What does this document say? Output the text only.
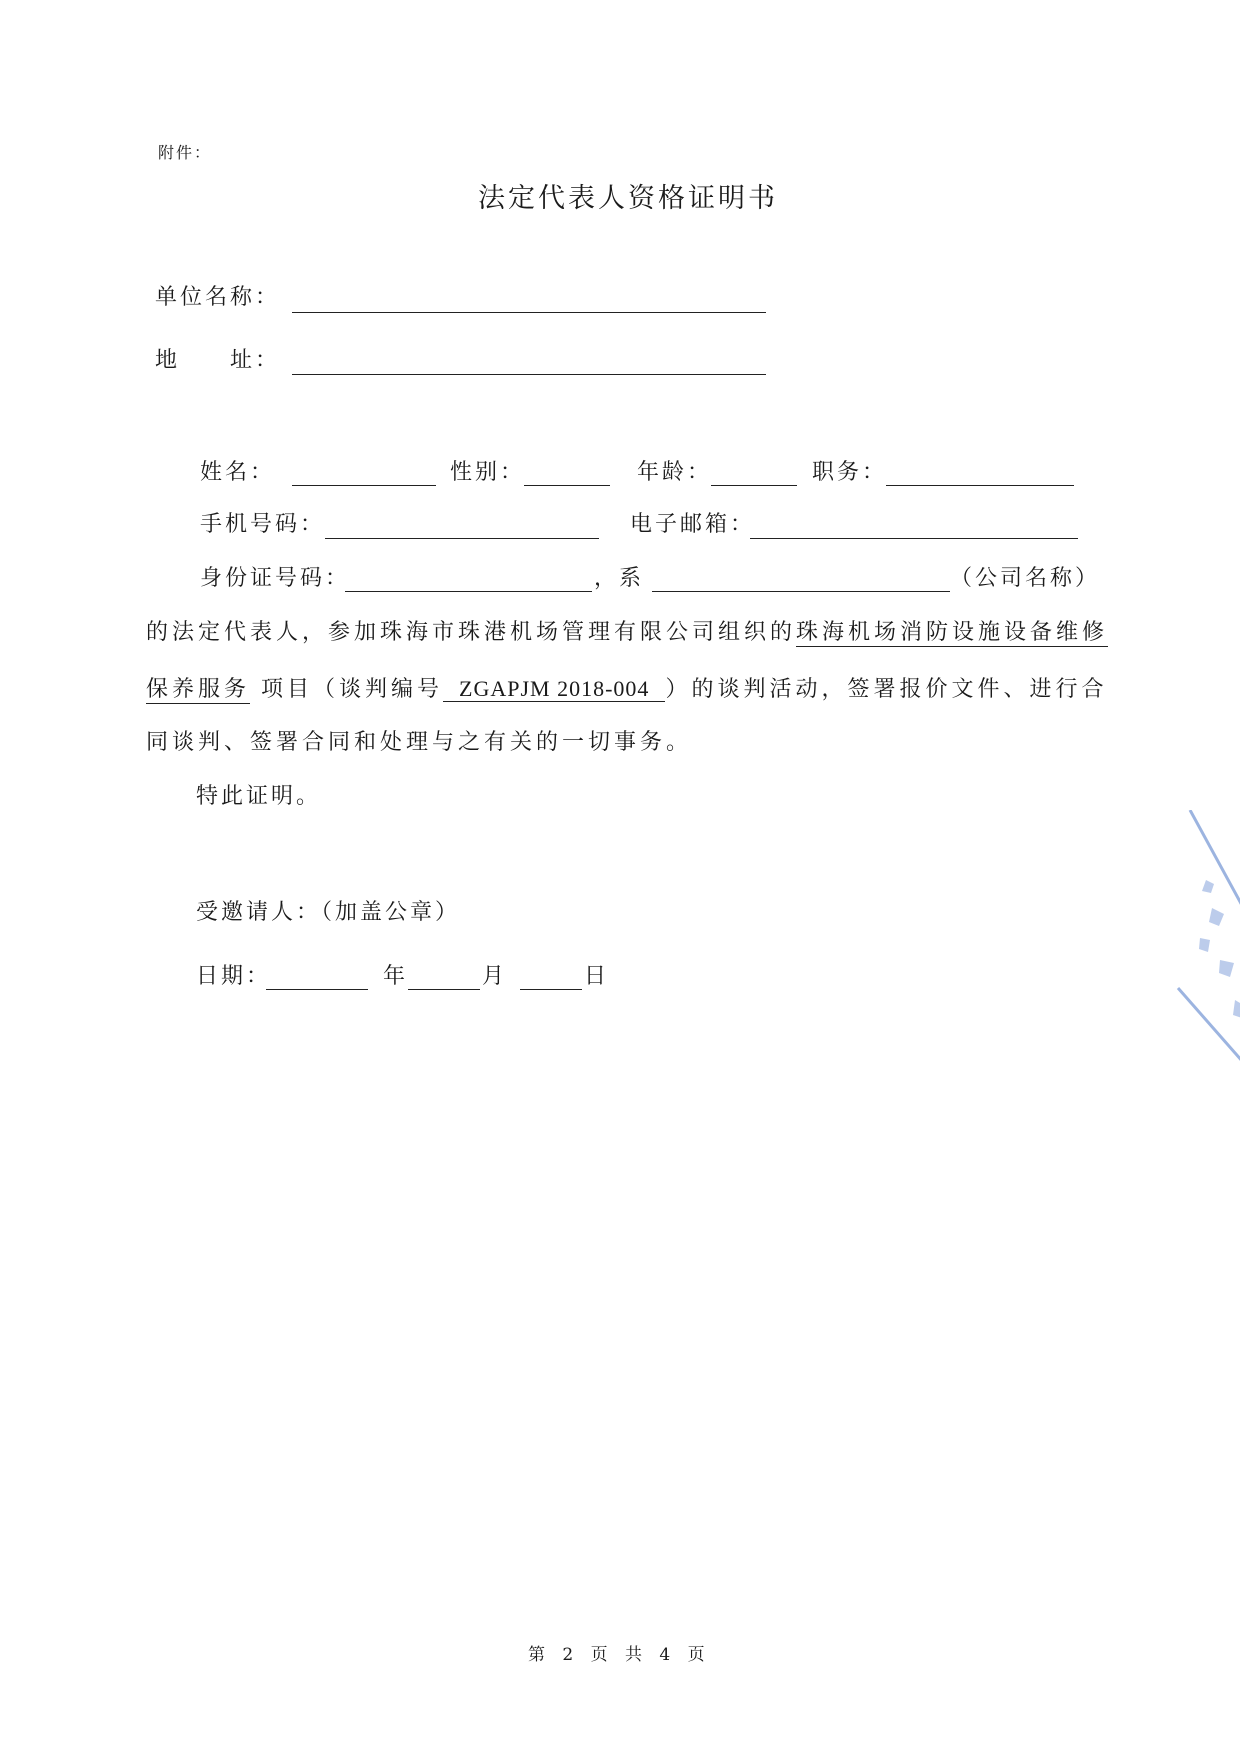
附件：
法定代表人资格证明书
单位名称：
地　　址：
姓名：	性别：	年龄：	职务：
手机号码：	电子邮箱：
身份证号码：	，系	（公司名称）
的法定代表人，参加珠海市珠港机场管理有限公司组织的珠海机场消防设施设备维修
保养服务 项目（谈判编号 ZGAPJM 2018-004 ）的谈判活动，签署报价文件、进行合
同谈判、签署合同和处理与之有关的一切事务。
特此证明。
受邀请人：（加盖公章）
日期：	年	月	日
第 2 页 共 4 页
